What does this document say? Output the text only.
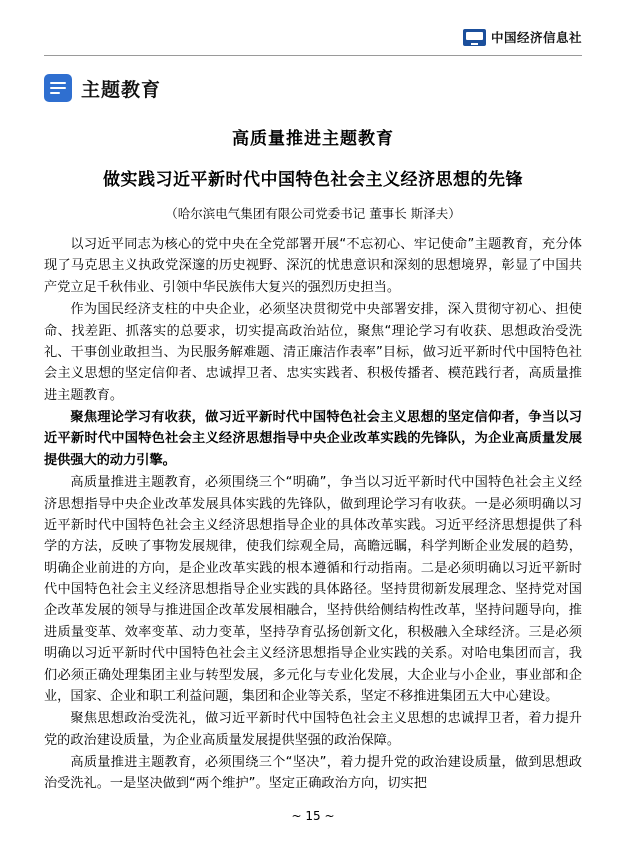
中国经济信息社
主题教育
高质量推进主题教育
做实践习近平新时代中国特色社会主义经济思想的先锋
（哈尔滨电气集团有限公司党委书记 董事长 斯泽夫）

以习近平同志为核心的党中央在全党部署开展“不忘初心、牢记使命”主题教育，充分体现了马克思主义执政党深邃的历史视野、深沉的忧患意识和深刻的思想境界，彰显了中国共产党立足千秋伟业、引领中华民族伟大复兴的强烈历史担当。

作为国民经济支柱的中央企业，必须坚决贯彻党中央部署安排，深入贯彻守初心、担使命、找差距、抓落实的总要求，切实提高政治站位，聚焦“理论学习有收获、思想政治受洗礼、干事创业敢担当、为民服务解难题、清正廉洁作表率”目标，做习近平新时代中国特色社会主义思想的坚定信仰者、忠诚捍卫者、忠实实践者、积极传播者、模范践行者，高质量推进主题教育。

聚焦理论学习有收获，做习近平新时代中国特色社会主义思想的坚定信仰者，争当以习近平新时代中国特色社会主义经济思想指导中央企业改革实践的先锋队，为企业高质量发展提供强大的动力引擎。

高质量推进主题教育，必须围绕三个“明确”，争当以习近平新时代中国特色社会主义经济思想指导中央企业改革发展具体实践的先锋队，做到理论学习有收获。一是必须明确以习近平新时代中国特色社会主义经济思想指导企业的具体改革实践。习近平经济思想提供了科学的方法，反映了事物发展规律，使我们综观全局，高瞻远瞩，科学判断企业发展的趋势，明确企业前进的方向，是企业改革实践的根本遵循和行动指南。二是必须明确以习近平新时代中国特色社会主义经济思想指导企业实践的具体路径。坚持贯彻新发展理念、坚持党对国企改革发展的领导与推进国企改革发展相融合，坚持供给侧结构性改革，坚持问题导向，推进质量变革、效率变革、动力变革，坚持孕育弘扬创新文化，积极融入全球经济。三是必须明确以习近平新时代中国特色社会主义经济思想指导企业实践的关系。对哈电集团而言，我们必须正确处理集团主业与转型发展，多元化与专业化发展，大企业与小企业，事业部和企业，国家、企业和职工利益问题，集团和企业等关系，坚定不移推进集团五大中心建设。

聚焦思想政治受洗礼，做习近平新时代中国特色社会主义思想的忠诚捍卫者，着力提升党的政治建设质量，为企业高质量发展提供坚强的政治保障。

高质量推进主题教育，必须围绕三个“坚决”，着力提升党的政治建设质量，做到思想政治受洗礼。一是坚决做到“两个维护”。坚定正确政治方向，切实把

~ 15 ~
